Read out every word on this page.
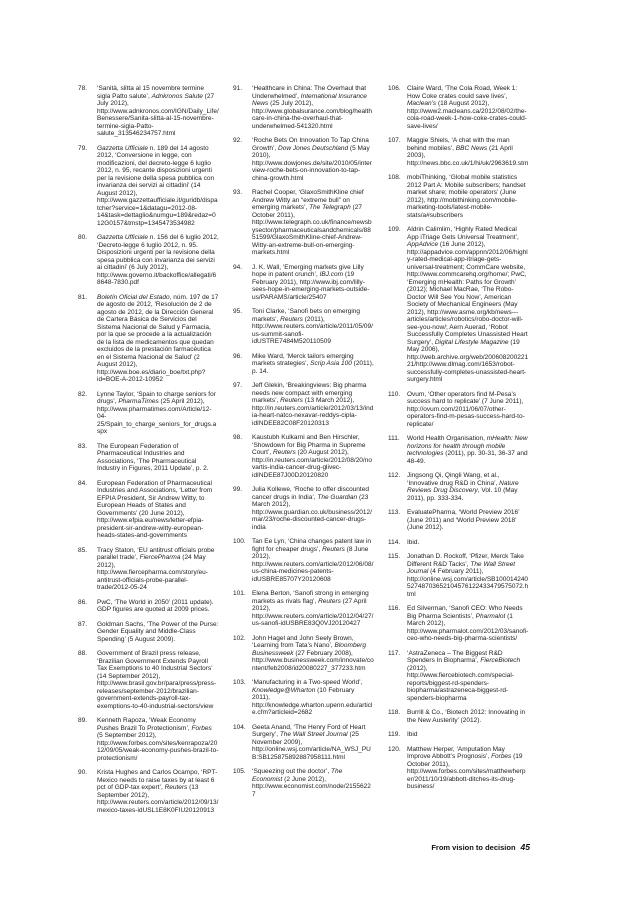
78. ‘Sanità, slitta al 15 novembre termine sigla Patto salute’, Adnkronos Salute (27 July 2012), http://www.adnkronos.com/IGN/Daily_Life/Benessere/Sanita-slitta-al-15-novembre-termine-sigla-Patto-salute_313546234757.html
79. Gazzetta Ufficiale n. 189 del 14 agosto 2012, ‘Conversione in legge, con modificazioni, del decreto-legge 6 luglio 2012, n. 95, recante disposizioni urgenti per la revisione della spesa pubblica con invarianza dei servizi ai cittadini’ (14 August 2012), http://www.gazzettaufficiale.it/guridb/dispatcher?service=1&datagu=2012-08-14&task=dettaglio&numgu=189&redaz=012G0157&tmstp=1345473534982
80. Gazzetta Ufficiale n. 156 del 6 luglio 2012, ‘Decreto-legge 6 luglio 2012, n. 95. Disposizioni urgenti per la revisione della spesa pubblica con invarianza dei servizi ai cittadini’ (6 July 2012), http://www.governo.it/backoffice/allegati/68648-7830.pdf
81. Boletín Oficial del Estado, núm. 197 de 17 de agosto de 2012, ‘Resolución de 2 de agosto de 2012, de la Dirección General de Cartera Básica de Servicios del Sistema Nacional de Salud y Farmacia, por la que se procede a la actualización de la lista de medicamentos que quedan excluidos de la prestación farmacéutica en el Sistema Nacional de Salud’ (2 August 2012), http://www.boe.es/diario_boe/txt.php?id=BOE-A-2012-10952
82. Lynne Taylor, ‘Spain to charge seniors for drugs’, PharmaTimes (25 April 2012), http://www.pharmatimes.com/Article/12-04-25/Spain_to_charge_seniors_for_drugs.aspx
83. The European Federation of Pharmaceutical Industries and Associations, ‘The Pharmaceutical Industry in Figures, 2011 Update’, p. 2.
84. European Federation of Pharmaceutical Industries and Associations, ‘Letter from EFPIA President, Sir Andrew Witty, to European Heads of States and Governments’ (20 June 2012), http://www.efpia.eu/news/letter-efpia-president-sir-andrew-witty-european-heads-states-and-governments
85. Tracy Staton, ‘EU antitrust officials probe parallel trade’, FiercePharma (24 May 2012), http://www.fiercepharma.com/story/eu-antitrust-officials-probe-parallel-trade/2012-05-24
86. PwC, ‘The World in 2050’ (2011 update). GDP figures are quoted at 2009 prices.
87. Goldman Sachs, ‘The Power of the Purse: Gender Equality and Middle-Class Spending’ (5 August 2009).
88. Government of Brazil press release, ‘Brazilian Government Extends Payroll Tax Exemptions to 40 Industrial Sectors’ (14 September 2012), http://www.brasil.gov.br/para/press/press-releases/september-2012/brazilian-government-extends-payroll-tax-exemptions-to-40-industrial-sectors/view
89. Kenneth Rapoza, ‘Weak Economy Pushes Brazil To Protectionism’, Forbes (5 September 2012), http://www.forbes.com/sites/kenrapoza/2012/09/05/weak-economy-pushes-brazil-to-protectionism/
90. Krista Hughes and Carlos Ocampo, ‘RPT-Mexico needs to raise taxes by at least 6 pct of GDP-tax expert’, Reuters (13 September 2012), http://www.reuters.com/article/2012/09/13/mexico-taxes-idUSL1E8K0FIU20120913
91. ‘Healthcare in China: The Overhaul that Underwhelmed’, International Insurance News (25 July 2012), http://www.globalsurance.com/blog/healthcare-in-china-the-overhaul-that-underwhelmed-541320.html
92. ‘Roche Bets On Innovation To Tap China Growth’, Dow Jones Deutschland (5 May 2010), http://www.dowjones.de/site/2010/05/interview-roche-bets-on-innovation-to-tap-china-growth.html
93. Rachel Cooper, ‘GlaxoSmithKline chief Andrew Witty an “extreme bull” on emerging markets’, The Telegraph (27 October 2011), http://www.telegraph.co.uk/finance/newsbysector/pharmaceuticalsandchemicals/8851599/GlaxoSmithKline-chief-Andrew-Witty-an-extreme-bull-on-emerging-markets.html
94. J. K. Wall, ‘Emerging markets give Lilly hope in patent crunch’, IBJ.com (19 February 2011), http://www.ibj.com/lilly-sees-hope-in-emerging-markets-outside-us/PARAMS/article/25407
95. Toni Clarke, ‘Sanofi bets on emerging markets’, Reuters (2011), http://www.reuters.com/article/2011/05/09/us-summit-sanofi-idUSTRE7484M520110509
96. Mike Ward, ‘Merck tailors emerging markets strategies’, Scrip Asia 100 (2011), p. 14.
97. Jeff Glekin, ‘Breakingviews: Big pharma needs new compact with emerging markets’, Reuters (13 March 2012), http://in.reuters.com/article/2012/03/13/india-heart-natco-nexavar-reddys-cipla-idINDEE82C08F20120313
98. Kaustubh Kulkarni and Ben Hirschler, ‘Showdown for Big Pharma in Supreme Court’, Reuters (20 August 2012), http://in.reuters.com/article/2012/08/20/novartis-india-cancer-drug-glivec-idINDEE87J00D20120820
99. Julia Kollewe, ‘Roche to offer discounted cancer drugs in India’, The Guardian (23 March 2012), http://www.guardian.co.uk/business/2012/mar/23/roche-discounted-cancer-drugs-india
100. Tan Ee Lyn, ‘China changes patent law in fight for cheaper drugs’, Reuters (8 June 2012), http://www.reuters.com/article/2012/06/08/us-china-medicines-patents-idUSBRE85707Y20120608
101. Elena Berton, ‘Sanofi strong in emerging markets as rivals flag’, Reuters (27 April 2012), http://www.reuters.com/article/2012/04/27/us-sanofi-idUSBRE83Q0VJ20120427
102. John Hagel and John Seely Brown, ‘Learning from Tata’s Nano’, Bloomberg Businessweek (27 February 2008), http://www.businessweek.com/innovate/content/feb2008/id20080227_377233.htm
103. ‘Manufacturing in a Two-speed World’, Knowledge@Wharton (10 February 2011), http://knowledge.wharton.upenn.edu/article.cfm?articleid=2682
104. Geeta Anand, ‘The Henry Ford of Heart Surgery’, The Wall Street Journal (25 November 2009), http://online.wsj.com/article/NA_WSJ_PUB:SB125875892887958111.html
105. ‘Squeezing out the doctor’, The Economist (2 June 2012), http://www.economist.com/node/21556227
106. Claire Ward, ‘The Cola Road, Week 1: How Coke crates could save lives’, Maclean’s (18 August 2012), http://www2.macleans.ca/2012/08/02/the-cola-road-week-1-how-coke-crates-could-save-lives/
107. Maggie Shiels, ‘A chat with the man behind mobiles’, BBC News (21 April 2003), http://news.bbc.co.uk/1/hi/uk/2963619.stm
108. mobiThinking, ‘Global mobile statistics 2012 Part A: Mobile subscribers; handset market share; mobile operators’ (June 2012), http://mobithinking.com/mobile-marketing-tools/latest-mobile-stats/a#subscribers
109. Aldrin Calimlim, ‘Highly Rated Medical App iTriage Gets Universal Treatment’, AppAdvice (16 June 2012), http://appadvice.com/appnn/2012/06/highly-rated-medical-app-itriage-gets-universal-treatment; CommCare website, http://www.commcarehq.org/home/; PwC, ‘Emerging mHealth: Paths for Growth’ (2012); Michael MacRae, ‘The Robo-Doctor Will See You Now’, American Society of Mechanical Engineers (May 2012), http://www.asme.org/kb/news---articles/articles/robotics/robo-doctor-will-see-you-now/; Aern Auerad, ‘Robot Successfully Completes Unassisted Heart Surgery’, Digital Lifestyle Magazine (19 May 2006), http://web.archive.org/web/20060820022121/http://www.dlmag.com/1653/robot-successfully-completes-unassisted-heart-surgery.html
110. Ovum, ‘Other operators find M-Pesa’s success hard to replicate’ (7 June 2011), http://ovum.com/2011/06/07/other-operators-find-m-pesas-success-hard-to-replicate/
111. World Health Organisation, mHealth: New horizons for health through mobile technologies (2011), pp. 30-31, 36-37 and 48-49.
112. Jingsong Qi, Qingli Wang, et al., ‘Innovative drug R&D in China’, Nature Reviews Drug Discovery, Vol. 10 (May 2011), pp. 333-334.
113. EvaluatePharma, ‘World Preview 2016’ (June 2011) and ‘World Preview 2018’ (June 2012).
114. Ibid.
115. Jonathan D. Rockoff, ‘Pfizer, Merck Take Different R&D Tacks’, The Wall Street Journal (4 February 2011), http://online.wsj.com/article/SB10001424052748703652104576122433479575072.html
116. Ed Silverman, ‘Sanofi CEO: Who Needs Big Pharma Scientists’, Pharmalot (1 March 2012), http://www.pharmalot.com/2012/03/sanofi-ceo-who-needs-big-pharma-scientists/
117. ‘AstraZeneca – The Biggest R&D Spenders In Biopharma’, FierceBiotech (2012), http://www.fiercebiotech.com/special-reports/biggest-rd-spenders-biopharma/astrazeneca-biggest-rd-spenders-biopharma
118. Burrill & Co., ‘Biotech 2012: Innovating in the New Austerity’ (2012).
119. Ibid
120. Matthew Herper, ‘Amputation May Improve Abbott’s Prognosis’, Forbes (19 October 2011), http://www.forbes.com/sites/matthewherper/2011/10/19/abbott-ditches-its-drug-business/
From vision to decision 45
